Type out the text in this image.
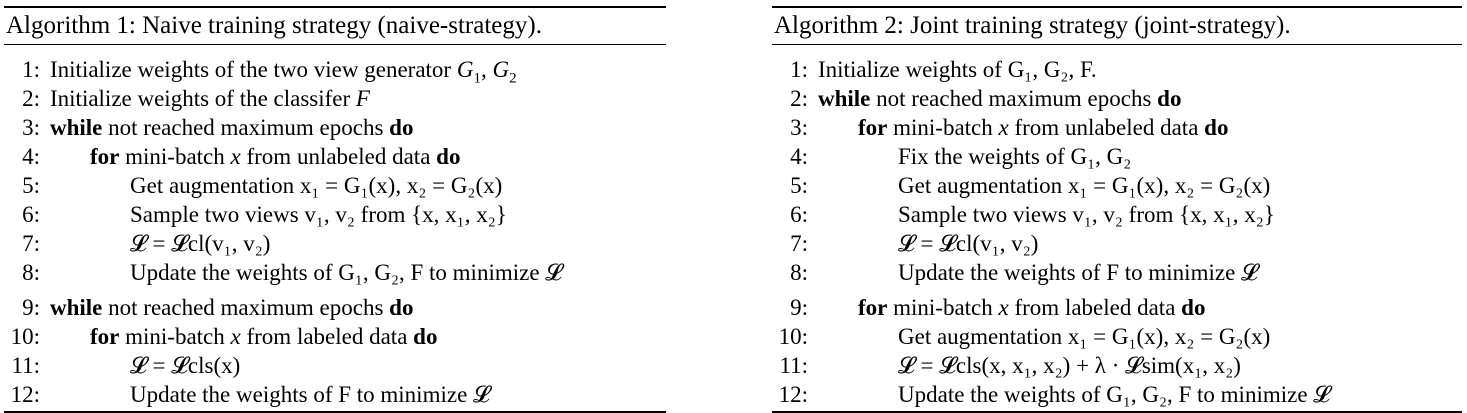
Algorithm 1: Naive training strategy (naive-strategy).
1: Initialize weights of the two view generator $G_1$, $G_2$
2: Initialize weights of the classifer F
3: while not reached maximum epochs do
4:	for mini-batch x from unlabeled data do
5:	Get augmentation x₁ = G₁(x), x₂ = G₂(x)
6:	Sample two views v₁, v₂ from {x, x₁, x₂}
7:	𝓛 = 𝓛cl(v₁, v₂)
8:	Update the weights of G₁, G₂, F to minimize 𝓛
9: while not reached maximum epochs do
10:	for mini-batch x from labeled data do
11:	𝓛 = 𝓛cls(x)
12:	Update the weights of F to minimize 𝓛
Algorithm 2: Joint training strategy (joint-strategy).
1: Initialize weights of G₁, G₂, F.
2: while not reached maximum epochs do
3:	for mini-batch x from unlabeled data do
4:	Fix the weights of G₁, G₂
5:	Get augmentation x₁ = G₁(x), x₂ = G₂(x)
6:	Sample two views v₁, v₂ from {x, x₁, x₂}
7:	𝓛 = 𝓛cl(v₁, v₂)
8:	Update the weights of F to minimize 𝓛
9:	for mini-batch x from labeled data do
10:	Get augmentation x₁ = G₁(x), x₂ = G₂(x)
11:	𝓛 = 𝓛cls(x, x₁, x₂) + λ · 𝓛sim(x₁, x₂)
12:	Update the weights of G₁, G₂, F to minimize 𝓛
